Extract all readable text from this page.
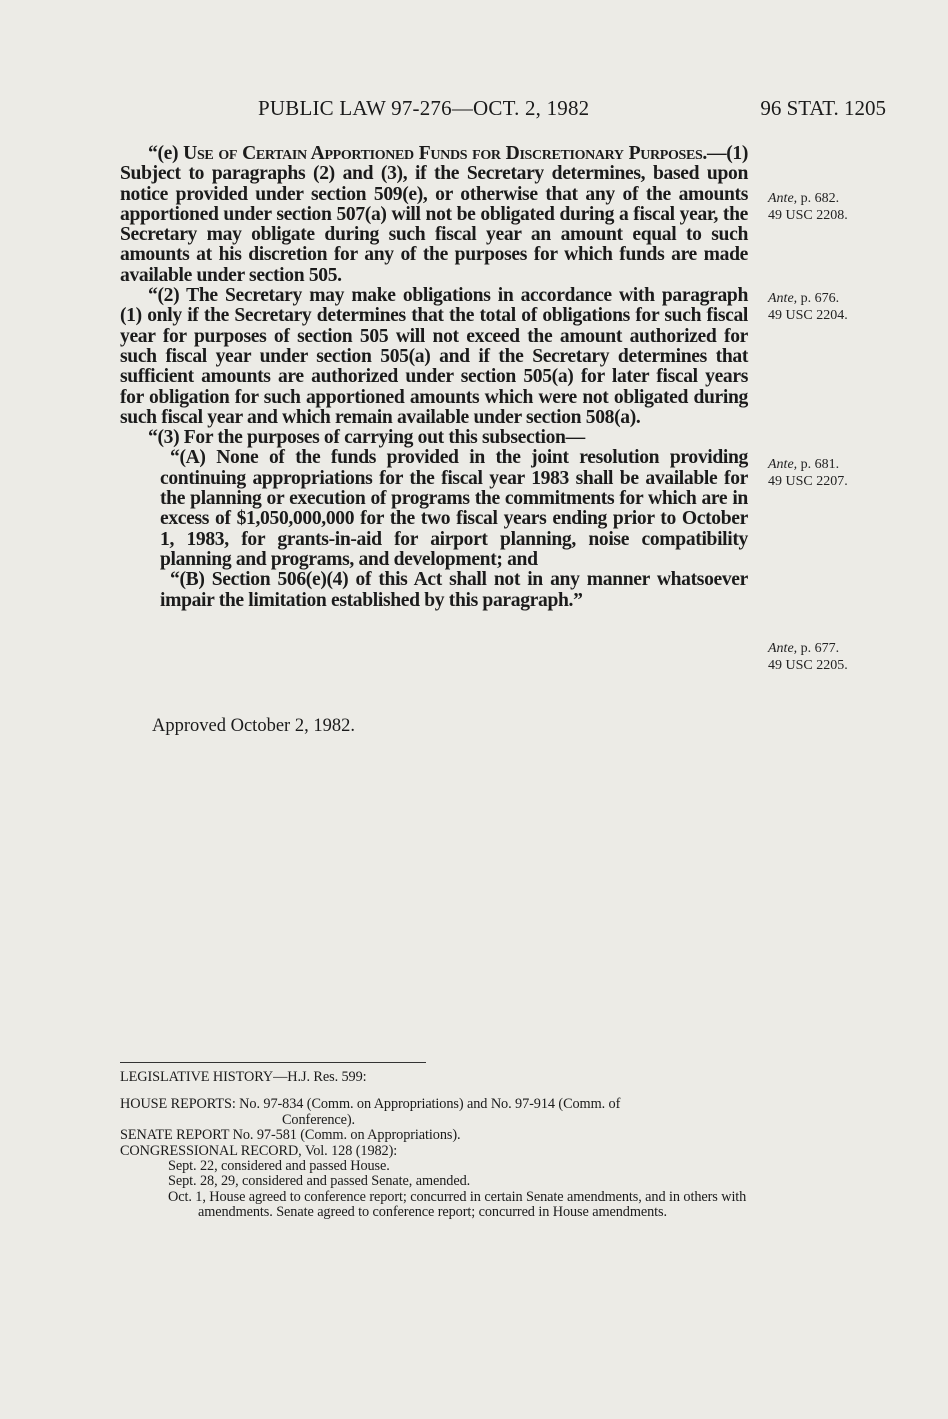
PUBLIC LAW 97-276—OCT. 2, 1982	96 STAT. 1205

“(e) Use of Certain Apportioned Funds for Discretionary Purposes.—(1) Subject to paragraphs (2) and (3), if the Secretary determines, based upon notice provided under section 509(e), or otherwise that any of the amounts apportioned under section 507(a) will not be obligated during a fiscal year, the Secretary may obligate during such fiscal year an amount equal to such amounts at his discretion for any of the purposes for which funds are made available under section 505.

“(2) The Secretary may make obligations in accordance with paragraph (1) only if the Secretary determines that the total of obligations for such fiscal year for purposes of section 505 will not exceed the amount authorized for such fiscal year under section 505(a) and if the Secretary determines that sufficient amounts are authorized under section 505(a) for later fiscal years for obligation for such apportioned amounts which were not obligated during such fiscal year and which remain available under section 508(a).

“(3) For the purposes of carrying out this subsection—

“(A) None of the funds provided in the joint resolution providing continuing appropriations for the fiscal year 1983 shall be available for the planning or execution of programs the commitments for which are in excess of $1,050,000,000 for the two fiscal years ending prior to October 1, 1983, for grants-in-aid for airport planning, noise compatibility planning and programs, and development; and

“(B) Section 506(e)(4) of this Act shall not in any manner whatsoever impair the limitation established by this paragraph.”

Ante, p. 682.
49 USC 2208.
Ante, p. 676.
49 USC 2204.
Ante, p. 681.
49 USC 2207.
Ante, p. 677.
49 USC 2205.
Approved October 2, 1982.

LEGISLATIVE HISTORY—H.J. Res. 599:

HOUSE REPORTS: No. 97-834 (Comm. on Appropriations) and No. 97-914 (Comm. of

Conference).

SENATE REPORT No. 97-581 (Comm. on Appropriations).

CONGRESSIONAL RECORD, Vol. 128 (1982):

Sept. 22, considered and passed House.

Sept. 28, 29, considered and passed Senate, amended.

Oct. 1, House agreed to conference report; concurred in certain Senate amendments, and in others with amendments. Senate agreed to conference report; concurred in House amendments.
